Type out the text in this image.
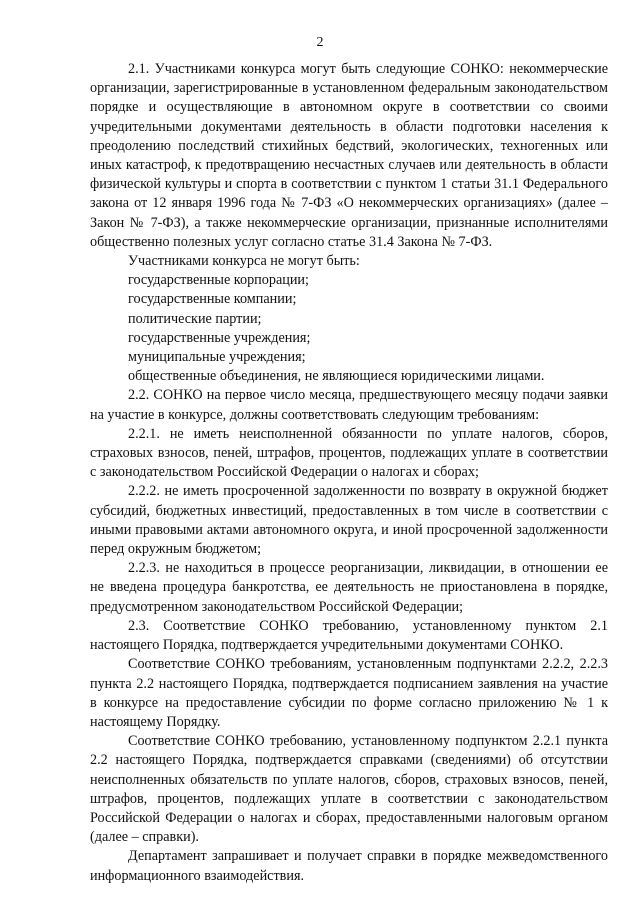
2

2.1. Участниками конкурса могут быть следующие СОНКО: некоммерческие организации, зарегистрированные в установленном федеральным законодательством порядке и осуществляющие в автономном округе в соответствии со своими учредительными документами деятельность в области подготовки населения к преодолению последствий стихийных бедствий, экологических, техногенных или иных катастроф, к предотвращению несчастных случаев или деятельность в области физической культуры и спорта в соответствии с пунктом 1 статьи 31.1 Федерального закона от 12 января 1996 года № 7-ФЗ «О некоммерческих организациях» (далее – Закон № 7-ФЗ), а также некоммерческие организации, признанные исполнителями общественно полезных услуг согласно статье 31.4 Закона № 7-ФЗ.

Участниками конкурса не могут быть:

государственные корпорации;

государственные компании;

политические партии;

государственные учреждения;

муниципальные учреждения;

общественные объединения, не являющиеся юридическими лицами.

2.2. СОНКО на первое число месяца, предшествующего месяцу подачи заявки на участие в конкурсе, должны соответствовать следующим требованиям:

2.2.1. не иметь неисполненной обязанности по уплате налогов, сборов, страховых взносов, пеней, штрафов, процентов, подлежащих уплате в соответствии с законодательством Российской Федерации о налогах и сборах;

2.2.2. не иметь просроченной задолженности по возврату в окружной бюджет субсидий, бюджетных инвестиций, предоставленных в том числе в соответствии с иными правовыми актами автономного округа, и иной просроченной задолженности перед окружным бюджетом;

2.2.3. не находиться в процессе реорганизации, ликвидации, в отношении ее не введена процедура банкротства, ее деятельность не приостановлена в порядке, предусмотренном законодательством Российской Федерации;

2.3. Соответствие СОНКО требованию, установленному пунктом 2.1 настоящего Порядка, подтверждается учредительными документами СОНКО.

Соответствие СОНКО требованиям, установленным подпунктами 2.2.2, 2.2.3 пункта 2.2 настоящего Порядка, подтверждается подписанием заявления на участие в конкурсе на предоставление субсидии по форме согласно приложению № 1 к настоящему Порядку.

Соответствие СОНКО требованию, установленному подпунктом 2.2.1 пункта 2.2 настоящего Порядка, подтверждается справками (сведениями) об отсутствии неисполненных обязательств по уплате налогов, сборов, страховых взносов, пеней, штрафов, процентов, подлежащих уплате в соответствии с законодательством Российской Федерации о налогах и сборах, предоставленными налоговым органом (далее – справки).

Департамент запрашивает и получает справки в порядке межведомственного информационного взаимодействия.
